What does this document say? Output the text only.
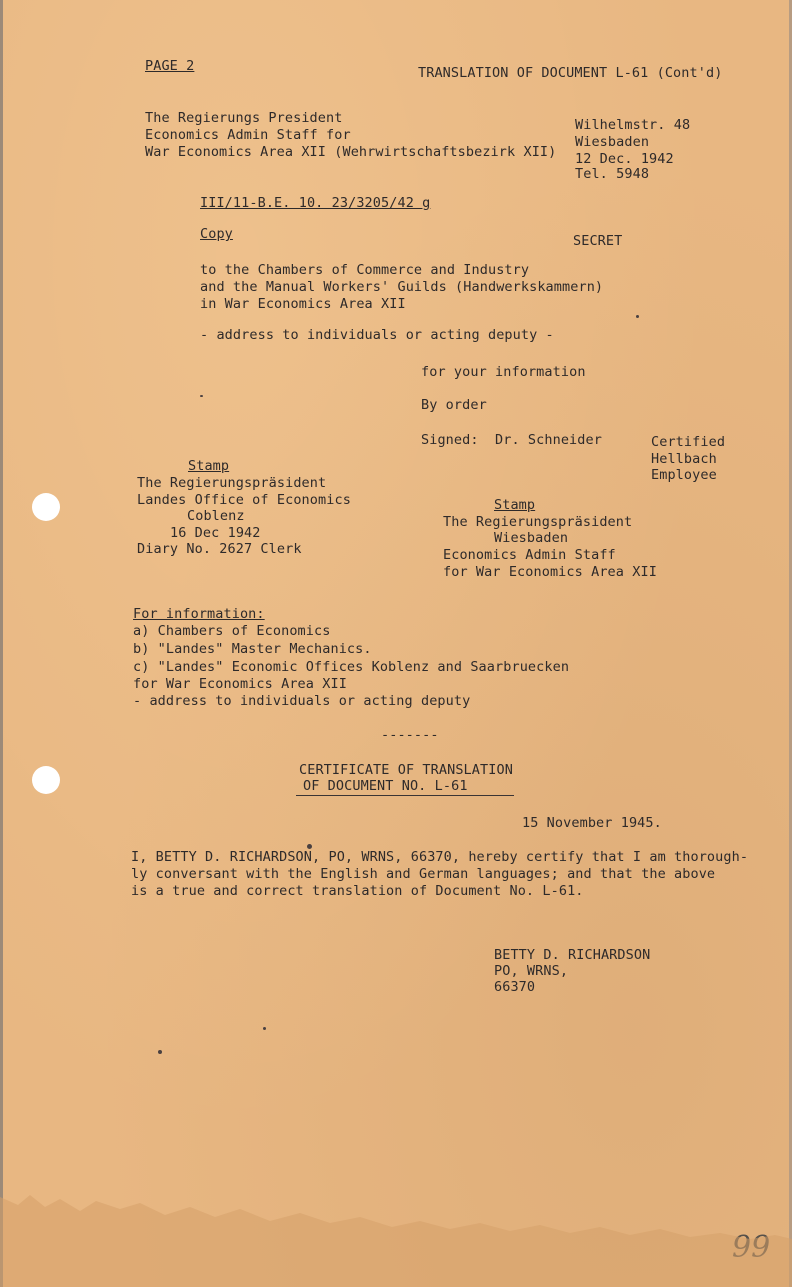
PAGE 2	TRANSLATION OF DOCUMENT L-61 (Cont'd)
The Regierungs President
Economics Admin Staff for
War Economics Area XII (Wehrwirtschaftsbezirk XII)
Wilhelmstr. 48
Wiesbaden
12 Dec. 1942
Tel. 5948
III/11-B.E. 10. 23/3205/42 g
Copy	SECRET
to the Chambers of Commerce and Industry
and the Manual Workers' Guilds (Handwerkskammern)
in War Economics Area XII
- address to individuals or acting deputy -
for your information
By order
Signed: Dr. Schneider	Certified
Hellbach
Employee
Stamp
The Regierungspräsident
Landes Office of Economics
Coblenz
16 Dec 1942
Diary No. 2627 Clerk
Stamp
The Regierungspräsident
Wiesbaden
Economics Admin Staff
for War Economics Area XII
For information:
a) Chambers of Economics
b) "Landes" Master Mechanics.
c) "Landes" Economic Offices Koblenz and Saarbruecken
for War Economics Area XII
- address to individuals or acting deputy
-------
CERTIFICATE OF TRANSLATION
OF DOCUMENT NO. L-61
15 November 1945.
I, BETTY D. RICHARDSON, PO, WRNS, 66370, hereby certify that I am thorough-
ly conversant with the English and German languages; and that the above
is a true and correct translation of Document No. L-61.
BETTY D. RICHARDSON
PO, WRNS,
66370
